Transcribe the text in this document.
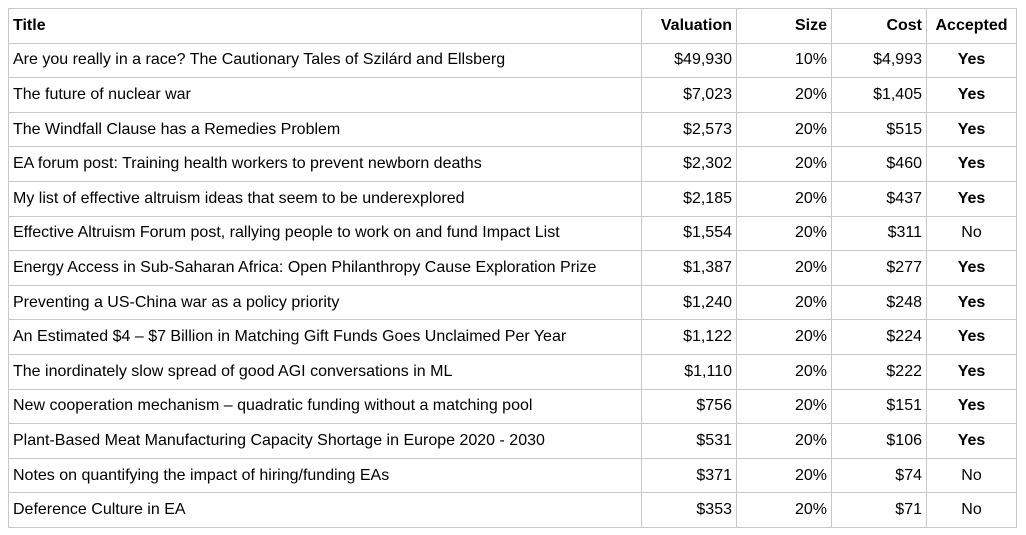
Title	Valuation	Size	Cost	Accepted
Are you really in a race? The Cautionary Tales of Szilárd and Ellsberg	$49,930	10%	$4,993	Yes
The future of nuclear war	$7,023	20%	$1,405	Yes
The Windfall Clause has a Remedies Problem	$2,573	20%	$515	Yes
EA forum post: Training health workers to prevent newborn deaths	$2,302	20%	$460	Yes
My list of effective altruism ideas that seem to be underexplored	$2,185	20%	$437	Yes
Effective Altruism Forum post, rallying people to work on and fund Impact List	$1,554	20%	$311	No
Energy Access in Sub-Saharan Africa: Open Philanthropy Cause Exploration Prize	$1,387	20%	$277	Yes
Preventing a US-China war as a policy priority	$1,240	20%	$248	Yes
An Estimated $4 – $7 Billion in Matching Gift Funds Goes Unclaimed Per Year	$1,122	20%	$224	Yes
The inordinately slow spread of good AGI conversations in ML	$1,110	20%	$222	Yes
New cooperation mechanism – quadratic funding without a matching pool	$756	20%	$151	Yes
Plant-Based Meat Manufacturing Capacity Shortage in Europe 2020 - 2030	$531	20%	$106	Yes
Notes on quantifying the impact of hiring/funding EAs	$371	20%	$74	No
Deference Culture in EA	$353	20%	$71	No
